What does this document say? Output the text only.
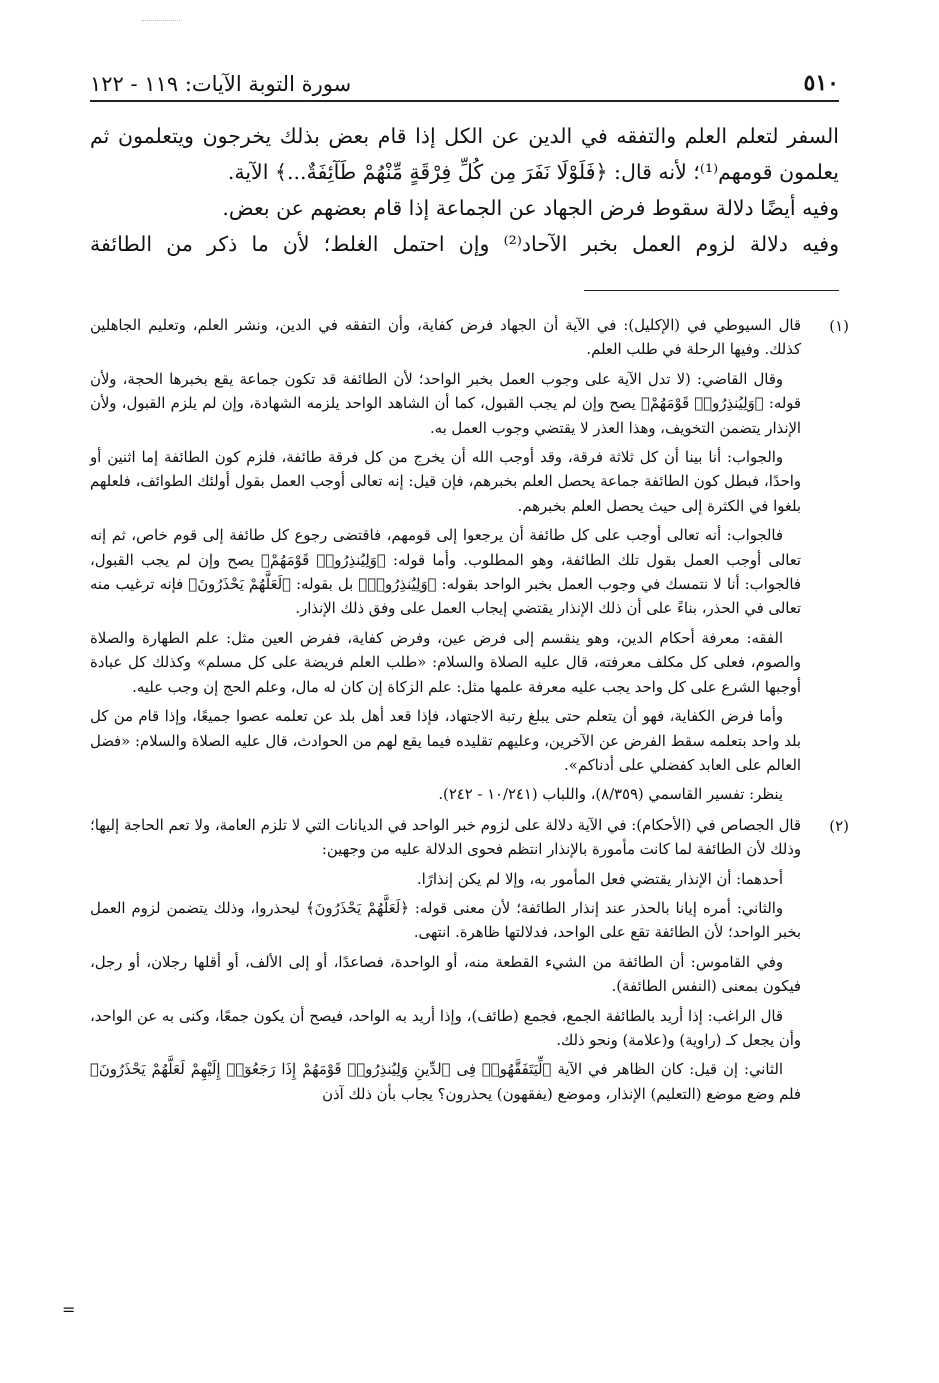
٥١٠
سورة التوبة الآيات: ١١٩ - ١٢٢

السفر لتعلم العلم والتفقه في الدين عن الكل إذا قام بعض بذلك يخرجون ويتعلمون ثم يعلمون قومهم⁽¹⁾؛ لأنه قال: ﴿فَلَوْلَا نَفَرَ مِن كُلِّ فِرْقَةٍ مِّنْهُمْ طَآئِفَةٌ...﴾ الآية.

وفيه أيضًا دلالة سقوط فرض الجهاد عن الجماعة إذا قام بعضهم عن بعض.

وفيه دلالة لزوم العمل بخبر الآحاد⁽²⁾ وإن احتمل الغلط؛ لأن ما ذكر من الطائفة

(١)

قال السيوطي في (الإكليل): في الآية أن الجهاد فرض كفاية، وأن التفقه في الدين، ونشر العلم، وتعليم الجاهلين كذلك. وفيها الرحلة في طلب العلم.

وقال القاضي: (لا تدل الآية على وجوب العمل بخبر الواحد؛ لأن الطائفة قد تكون جماعة يقع بخبرها الحجة، ولأن قوله: ﴿وَلِيُنذِرُوا۟ قَوْمَهُمْ﴾ يصح وإن لم يجب القبول، كما أن الشاهد الواحد يلزمه الشهادة، وإن لم يلزم القبول، ولأن الإنذار يتضمن التخويف، وهذا العذر لا يقتضي وجوب العمل به.

والجواب: أنا بينا أن كل ثلاثة فرقة، وقد أوجب الله أن يخرج من كل فرقة طائفة، فلزم كون الطائفة إما اثنين أو واحدًا، فبطل كون الطائفة جماعة يحصل العلم بخبرهم، فإن قيل: إنه تعالى أوجب العمل بقول أولئك الطوائف، فلعلهم بلغوا في الكثرة إلى حيث يحصل العلم بخبرهم.

فالجواب: أنه تعالى أوجب على كل طائفة أن يرجعوا إلى قومهم، فاقتضى رجوع كل طائفة إلى قوم خاص، ثم إنه تعالى أوجب العمل بقول تلك الطائفة، وهو المطلوب. وأما قوله: ﴿وَلِيُنذِرُوا۟ قَوْمَهُمْ﴾ يصح وإن لم يجب القبول، فالجواب: أنا لا نتمسك في وجوب العمل بخبر الواحد بقوله: ﴿وَلِيُنذِرُوا۟﴾ بل بقوله: ﴿لَعَلَّهُمْ يَحْذَرُونَ﴾ فإنه ترغيب منه تعالى في الحذر، بناءً على أن ذلك الإنذار يقتضي إيجاب العمل على وفق ذلك الإنذار.

الفقه: معرفة أحكام الدين، وهو ينقسم إلى فرض عين، وفرض كفاية، ففرض العين مثل: علم الطهارة والصلاة والصوم، فعلى كل مكلف معرفته، قال عليه الصلاة والسلام: «طلب العلم فريضة على كل مسلم» وكذلك كل عبادة أوجبها الشرع على كل واحد يجب عليه معرفة علمها مثل: علم الزكاة إن كان له مال، وعلم الحج إن وجب عليه.

وأما فرض الكفاية، فهو أن يتعلم حتى يبلغ رتبة الاجتهاد، فإذا قعد أهل بلد عن تعلمه عصوا جميعًا، وإذا قام من كل بلد واحد بتعلمه سقط الفرض عن الآخرين، وعليهم تقليده فيما يقع لهم من الحوادث، قال عليه الصلاة والسلام: «فضل العالم على العابد كفضلي على أدناكم».

ينظر: تفسير القاسمي (٨/٣٥٩)، واللباب (١٠/٢٤١ - ٢٤٢).

(٢)

قال الجصاص في (الأحكام): في الآية دلالة على لزوم خبر الواحد في الديانات التي لا تلزم العامة، ولا تعم الحاجة إليها؛ وذلك لأن الطائفة لما كانت مأمورة بالإنذار انتظم فحوى الدلالة عليه من وجهين:

أحدهما: أن الإنذار يقتضي فعل المأمور به، وإلا لم يكن إنذارًا.

والثاني: أمره إيانا بالحذر عند إنذار الطائفة؛ لأن معنى قوله: ﴿لَعَلَّهُمْ يَحْذَرُونَ﴾ ليحذروا، وذلك يتضمن لزوم العمل بخبر الواحد؛ لأن الطائفة تقع على الواحد، فدلالتها ظاهرة. انتهى.

وفي القاموس: أن الطائفة من الشيء القطعة منه، أو الواحدة، فصاعدًا، أو إلى الألف، أو أقلها رجلان، أو رجل، فيكون بمعنى (النفس الطائفة).

قال الراغب: إذا أريد بالطائفة الجمع، فجمع (طائف)، وإذا أريد به الواحد، فيصح أن يكون جمعًا، وكنى به عن الواحد، وأن يجعل كـ (راوية) و(علامة) ونحو ذلك.

الثاني: إن قيل: كان الظاهر في الآية ﴿لِّيَتَفَقَّهُوا۟ فِى ٱلدِّينِ وَلِيُنذِرُوا۟ قَوْمَهُمْ إِذَا رَجَعُوٓا۟ إِلَيْهِمْ لَعَلَّهُمْ يَحْذَرُونَ﴾ فلم وضع موضع (التعليم) الإنذار، وموضع (يفقهون) يحذرون؟ يجاب بأن ذلك آذن

=
